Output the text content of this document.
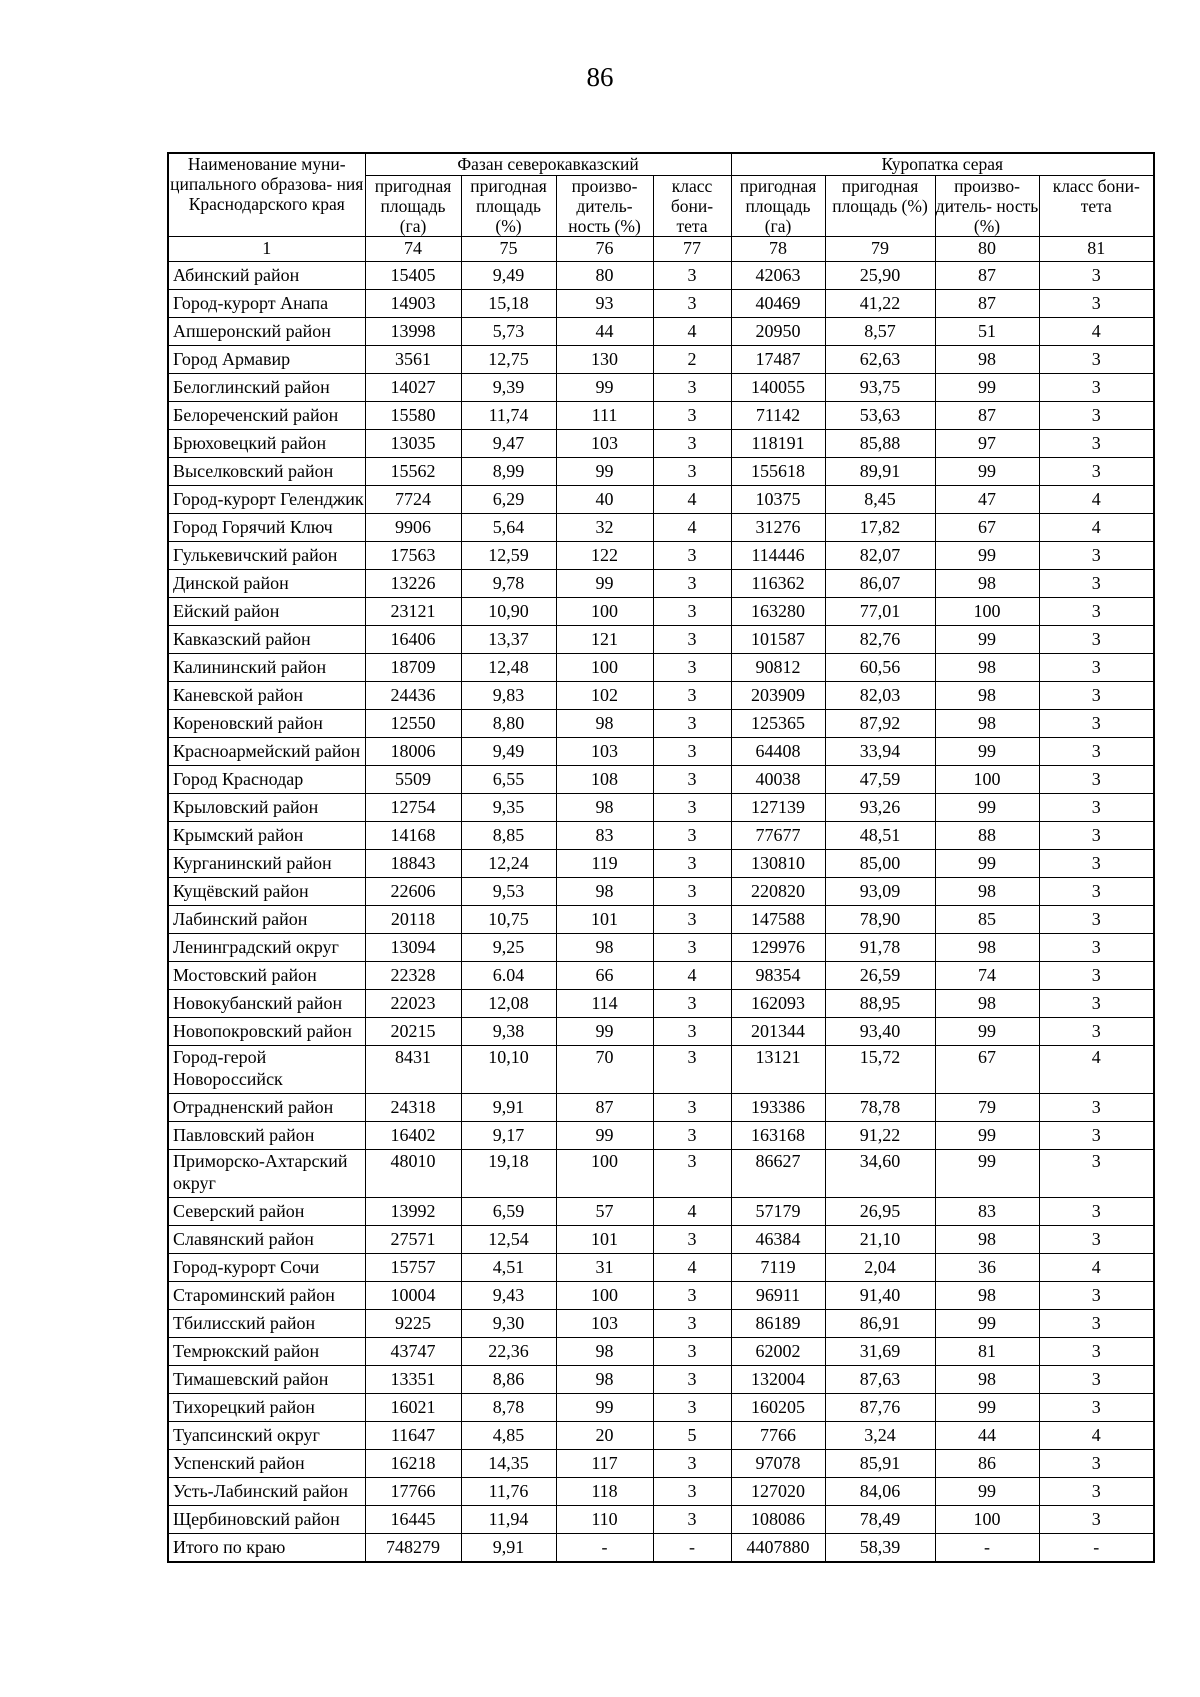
86
Наименование муни- ципального образова- ния Краснодарского края	Фазан северокавказский				Куропатка серая			
	пригодная площадь (га)	пригодная площадь (%)	произво- дитель- ность (%)	класс бони- тета	пригодная площадь (га)	пригодная площадь (%)	произво- дитель- ность (%)	класс бони- тета
1	74	75	76	77	78	79	80	81
Абинский район	15405	9,49	80	3	42063	25,90	87	3
Город-курорт Анапа	14903	15,18	93	3	40469	41,22	87	3
Апшеронский район	13998	5,73	44	4	20950	8,57	51	4
Город Армавир	3561	12,75	130	2	17487	62,63	98	3
Белоглинский район	14027	9,39	99	3	140055	93,75	99	3
Белореченский район	15580	11,74	111	3	71142	53,63	87	3
Брюховецкий район	13035	9,47	103	3	118191	85,88	97	3
Выселковский район	15562	8,99	99	3	155618	89,91	99	3
Город-курорт Геленджик	7724	6,29	40	4	10375	8,45	47	4
Город Горячий Ключ	9906	5,64	32	4	31276	17,82	67	4
Гулькевичский район	17563	12,59	122	3	114446	82,07	99	3
Динской район	13226	9,78	99	3	116362	86,07	98	3
Ейский район	23121	10,90	100	3	163280	77,01	100	3
Кавказский район	16406	13,37	121	3	101587	82,76	99	3
Калининский район	18709	12,48	100	3	90812	60,56	98	3
Каневской район	24436	9,83	102	3	203909	82,03	98	3
Кореновский район	12550	8,80	98	3	125365	87,92	98	3
Красноармейский район	18006	9,49	103	3	64408	33,94	99	3
Город Краснодар	5509	6,55	108	3	40038	47,59	100	3
Крыловский район	12754	9,35	98	3	127139	93,26	99	3
Крымский район	14168	8,85	83	3	77677	48,51	88	3
Курганинский район	18843	12,24	119	3	130810	85,00	99	3
Кущёвский район	22606	9,53	98	3	220820	93,09	98	3
Лабинский район	20118	10,75	101	3	147588	78,90	85	3
Ленинградский округ	13094	9,25	98	3	129976	91,78	98	3
Мостовский район	22328	6.04	66	4	98354	26,59	74	3
Новокубанский район	22023	12,08	114	3	162093	88,95	98	3
Новопокровский район	20215	9,38	99	3	201344	93,40	99	3
Город-герой Новороссийск	8431	10,10	70	3	13121	15,72	67	4
Отрадненский район	24318	9,91	87	3	193386	78,78	79	3
Павловский район	16402	9,17	99	3	163168	91,22	99	3
Приморско-Ахтарский округ	48010	19,18	100	3	86627	34,60	99	3
Северский район	13992	6,59	57	4	57179	26,95	83	3
Славянский район	27571	12,54	101	3	46384	21,10	98	3
Город-курорт Сочи	15757	4,51	31	4	7119	2,04	36	4
Староминский район	10004	9,43	100	3	96911	91,40	98	3
Тбилисский район	9225	9,30	103	3	86189	86,91	99	3
Темрюкский район	43747	22,36	98	3	62002	31,69	81	3
Тимашевский район	13351	8,86	98	3	132004	87,63	98	3
Тихорецкий район	16021	8,78	99	3	160205	87,76	99	3
Туапсинский округ	11647	4,85	20	5	7766	3,24	44	4
Успенский район	16218	14,35	117	3	97078	85,91	86	3
Усть-Лабинский район	17766	11,76	118	3	127020	84,06	99	3
Щербиновский район	16445	11,94	110	3	108086	78,49	100	3
Итого по краю	748279	9,91	-	-	4407880	58,39	-	-
